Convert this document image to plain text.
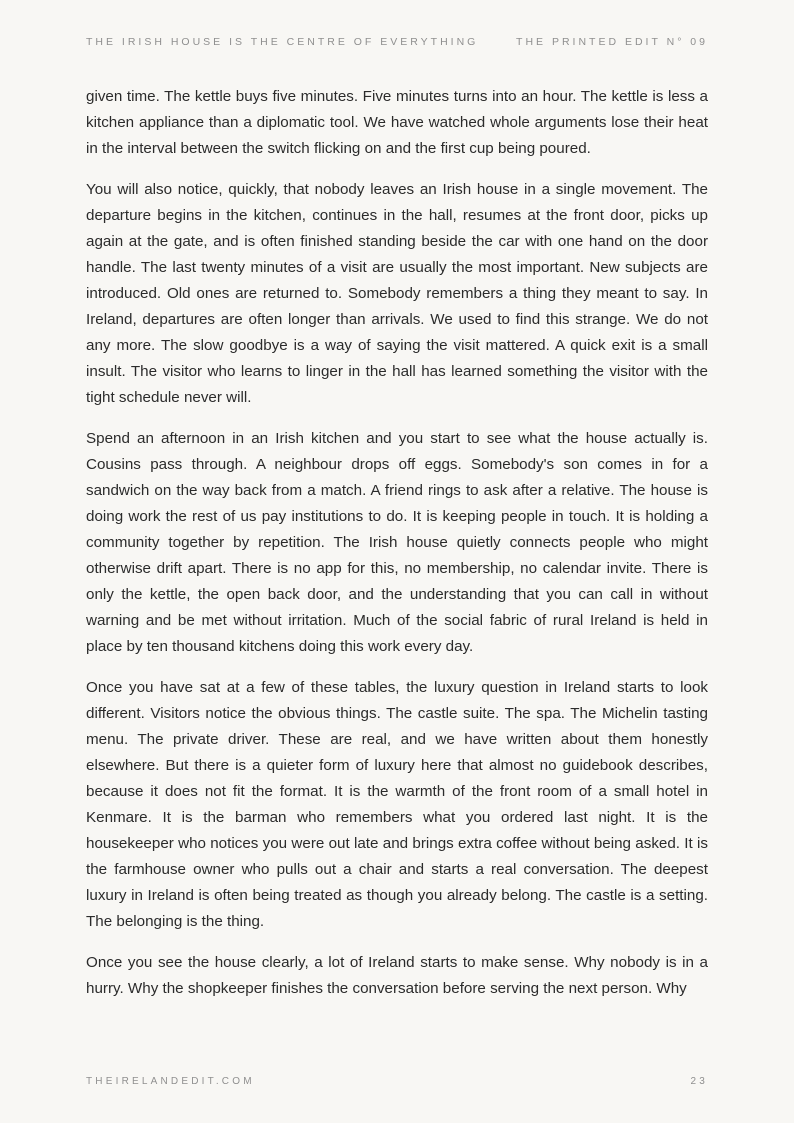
THE IRISH HOUSE IS THE CENTRE OF EVERYTHING	THE PRINTED EDIT N° 09

given time. The kettle buys five minutes. Five minutes turns into an hour. The kettle is less a kitchen appliance than a diplomatic tool. We have watched whole arguments lose their heat in the interval between the switch flicking on and the first cup being poured.

You will also notice, quickly, that nobody leaves an Irish house in a single movement. The departure begins in the kitchen, continues in the hall, resumes at the front door, picks up again at the gate, and is often finished standing beside the car with one hand on the door handle. The last twenty minutes of a visit are usually the most important. New subjects are introduced. Old ones are returned to. Somebody remembers a thing they meant to say. In Ireland, departures are often longer than arrivals. We used to find this strange. We do not any more. The slow goodbye is a way of saying the visit mattered. A quick exit is a small insult. The visitor who learns to linger in the hall has learned something the visitor with the tight schedule never will.

Spend an afternoon in an Irish kitchen and you start to see what the house actually is. Cousins pass through. A neighbour drops off eggs. Somebody's son comes in for a sandwich on the way back from a match. A friend rings to ask after a relative. The house is doing work the rest of us pay institutions to do. It is keeping people in touch. It is holding a community together by repetition. The Irish house quietly connects people who might otherwise drift apart. There is no app for this, no membership, no calendar invite. There is only the kettle, the open back door, and the understanding that you can call in without warning and be met without irritation. Much of the social fabric of rural Ireland is held in place by ten thousand kitchens doing this work every day.

Once you have sat at a few of these tables, the luxury question in Ireland starts to look different. Visitors notice the obvious things. The castle suite. The spa. The Michelin tasting menu. The private driver. These are real, and we have written about them honestly elsewhere. But there is a quieter form of luxury here that almost no guidebook describes, because it does not fit the format. It is the warmth of the front room of a small hotel in Kenmare. It is the barman who remembers what you ordered last night. It is the housekeeper who notices you were out late and brings extra coffee without being asked. It is the farmhouse owner who pulls out a chair and starts a real conversation. The deepest luxury in Ireland is often being treated as though you already belong. The castle is a setting. The belonging is the thing.

Once you see the house clearly, a lot of Ireland starts to make sense. Why nobody is in a hurry. Why the shopkeeper finishes the conversation before serving the next person. Why

THEIRELANDEDIT.COM	23
